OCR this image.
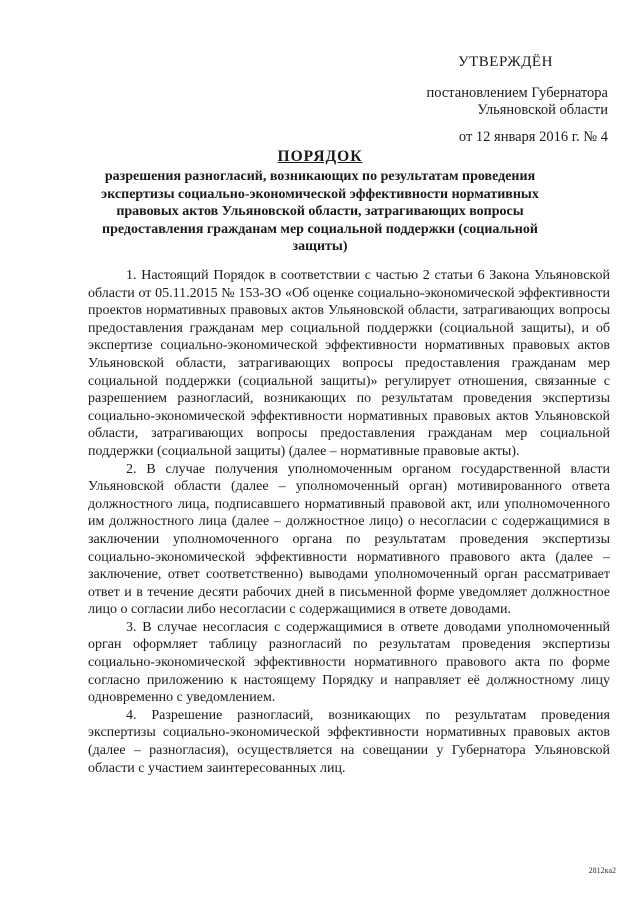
УТВЕРЖДЁН
постановлением Губернатора
Ульяновской области
от 12 января 2016 г. № 4
ПОРЯДОК
разрешения разногласий, возникающих по результатам проведения экспертизы социально-экономической эффективности нормативных правовых актов Ульяновской области, затрагивающих вопросы предоставления гражданам мер социальной поддержки (социальной защиты)

1. Настоящий Порядок в соответствии с частью 2 статьи 6 Закона Ульяновской области от 05.11.2015 № 153-ЗО «Об оценке социально-экономической эффективности проектов нормативных правовых актов Ульяновской области, затрагивающих вопросы предоставления гражданам мер социальной поддержки (социальной защиты), и об экспертизе социально-экономической эффективности нормативных правовых актов Ульяновской области, затрагивающих вопросы предоставления гражданам мер социальной поддержки (социальной защиты)» регулирует отношения, связанные с разрешением разногласий, возникающих по результатам проведения экспертизы социально-экономической эффективности нормативных правовых актов Ульяновской области, затрагивающих вопросы предоставления гражданам мер социальной поддержки (социальной защиты) (далее – нормативные правовые акты).

2. В случае получения уполномоченным органом государственной власти Ульяновской области (далее – уполномоченный орган) мотивированного ответа должностного лица, подписавшего нормативный правовой акт, или уполномоченного им должностного лица (далее – должностное лицо) о несогласии с содержащимися в заключении уполномоченного органа по результатам проведения экспертизы социально-экономической эффективности нормативного правового акта (далее – заключение, ответ соответственно) выводами уполномоченный орган рассматривает ответ и в течение десяти рабочих дней в письменной форме уведомляет должностное лицо о согласии либо несогласии с содержащимися в ответе доводами.

3. В случае несогласия с содержащимися в ответе доводами уполномоченный орган оформляет таблицу разногласий по результатам проведения экспертизы социально-экономической эффективности нормативного правового акта по форме согласно приложению к настоящему Порядку и направляет её должностному лицу одновременно с уведомлением.

4. Разрешение разногласий, возникающих по результатам проведения экспертизы социально-экономической эффективности нормативных правовых актов (далее – разногласия), осуществляется на совещании у Губернатора Ульяновской области с участием заинтересованных лиц.

2812ка2
